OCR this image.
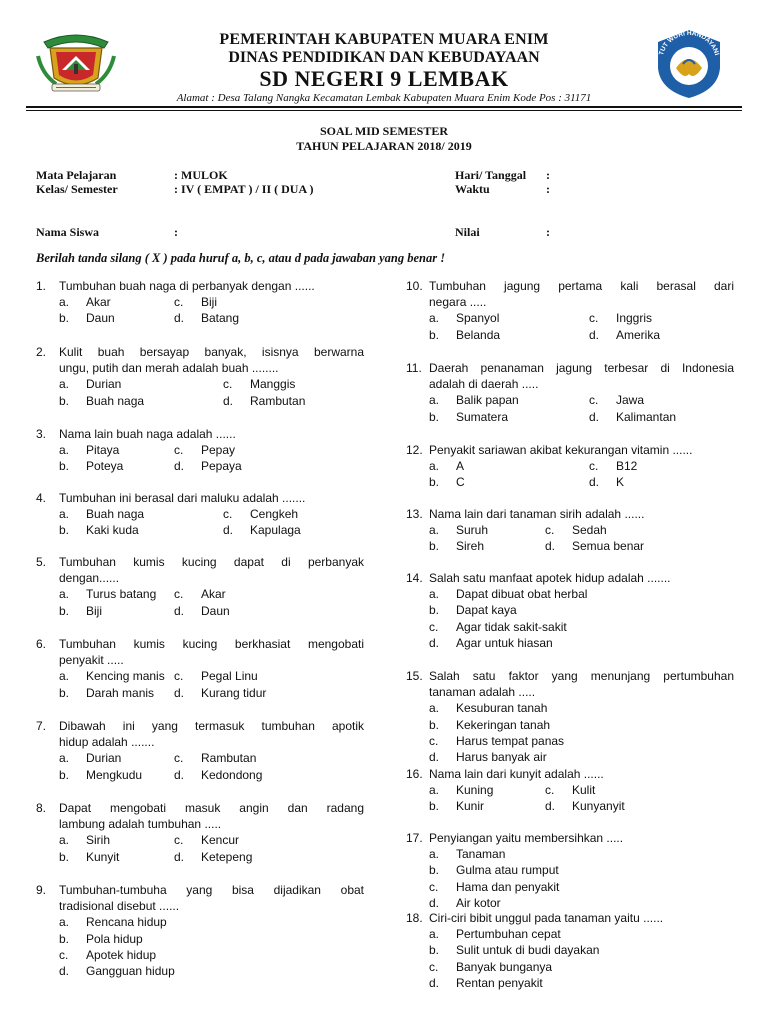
PEMERINTAH KABUPATEN MUARA ENIM
DINAS PENDIDIKAN DAN KEBUDAYAAN
SD NEGERI 9 LEMBAK
TUT WURI HANDAYANI
Alamat : Desa Talang Nangka Kecamatan Lembak Kabupaten Muara Enim Kode Pos : 31171
SOAL MID SEMESTER
TAHUN PELAJARAN 2018/ 2019
Mata Pelajaran	: MULOK
Kelas/ Semester	: IV ( EMPAT ) / II ( DUA )
Hari/ Tanggal :
Waktu	:
Nama Siswa	:	Nilai	:
Berilah tanda silang ( X ) pada huruf a, b, c, atau d pada jawaban yang benar !
1.	Tumbuhan buah naga di perbanyak dengan ......
a.	Akar	c.	Biji
b.	Daun	d.	Batang
2.	Kulit buah bersayap banyak, isisnya berwarna
ungu, putih dan merah adalah buah ........
a.	Durian	c.	Manggis
b.	Buah naga	d.	Rambutan
3.	Nama lain buah naga adalah ......
a.	Pitaya	c.	Pepay
b.	Poteya	d.	Pepaya
4.	Tumbuhan ini berasal dari maluku adalah .......
a.	Buah naga	c.	Cengkeh
b.	Kaki kuda	d.	Kapulaga
5.	Tumbuhan kumis kucing dapat di perbanyak
dengan......
a.	Turus batang c.	Akar
b.	Biji	d.	Daun
6.	Tumbuhan kumis kucing berkhasiat mengobati
penyakit .....
a.	Kencing manis c.	Pegal Linu
b.	Darah manis d.	Kurang tidur
7.	Dibawah ini yang termasuk tumbuhan apotik
hidup adalah .......
a.	Durian	c.	Rambutan
b.	Mengkudu	d.	Kedondong
8.	Dapat mengobati masuk angin dan radang
lambung adalah tumbuhan .....
a.	Sirih	c.	Kencur
b.	Kunyit	d.	Ketepeng
9.	Tumbuhan-tumbuha yang bisa dijadikan obat
tradisional disebut ......
a.	Rencana hidup
b.	Pola hidup
c.	Apotek hidup
d.	Gangguan hidup
10. Tumbuhan jagung pertama kali berasal dari
negara .....
a.	Spanyol	c.	Inggris
b.	Belanda	d.	Amerika
11. Daerah penanaman jagung terbesar di Indonesia
adalah di daerah .....
a.	Balik papan	c.	Jawa
b.	Sumatera	d.	Kalimantan
12. Penyakit sariawan akibat kekurangan vitamin ......
a.	A	c.	B12
b.	C	d.	K
13. Nama lain dari tanaman sirih adalah ......
a.	Suruh	c.	Sedah
b.	Sireh	d.	Semua benar
14. Salah satu manfaat apotek hidup adalah .......
a.	Dapat dibuat obat herbal
b.	Dapat kaya
c.	Agar tidak sakit-sakit
d.	Agar untuk hiasan
15. Salah satu faktor yang menunjang pertumbuhan
tanaman adalah .....
a.	Kesuburan tanah
b.	Kekeringan tanah
c.	Harus tempat panas
d.	Harus banyak air
16. Nama lain dari kunyit adalah ......
a.	Kuning	c.	Kulit
b.	Kunir	d.	Kunyanyit
17. Penyiangan yaitu membersihkan .....
a.	Tanaman
b.	Gulma atau rumput
c.	Hama dan penyakit
d.	Air kotor
18. Ciri-ciri bibit unggul pada tanaman yaitu ......
a.	Pertumbuhan cepat
b.	Sulit untuk di budi dayakan
c.	Banyak bunganya
d.	Rentan penyakit
